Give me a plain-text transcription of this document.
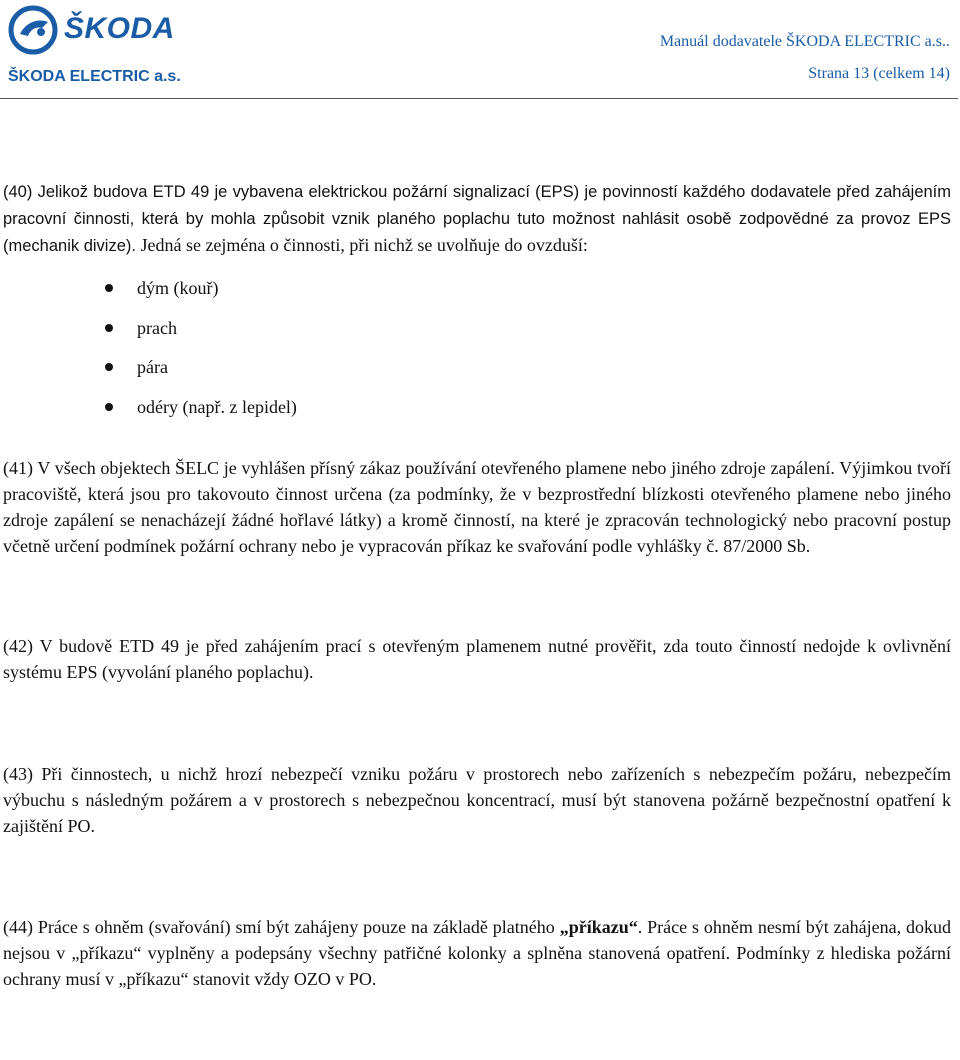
ŠKODA
ŠKODA ELECTRIC a.s.
Manuál dodavatele ŠKODA ELECTRIC a.s..
Strana 13 (celkem 14)

(40) Jelikož budova ETD 49 je vybavena elektrickou požární signalizací (EPS) je povinností každého dodavatele před zahájením pracovní činnosti, která by mohla způsobit vznik planého poplachu tuto možnost nahlásit osobě zodpovědné za provoz EPS (mechanik divize). Jedná se zejména o činnosti, při nichž se uvolňuje do ovzduší:

dým (kouř)
prach
pára
odéry (např. z lepidel)

(41) V všech objektech ŠELC je vyhlášen přísný zákaz používání otevřeného plamene nebo jiného zdroje zapálení. Výjimkou tvoří pracoviště, která jsou pro takovouto činnost určena (za podmínky, že v bezprostřední blízkosti otevřeného plamene nebo jiného zdroje zapálení se nenacházejí žádné hořlavé látky) a kromě činností, na které je zpracován technologický nebo pracovní postup včetně určení podmínek požární ochrany nebo je vypracován příkaz ke svařování podle vyhlášky č. 87/2000 Sb.

(42) V budově ETD 49 je před zahájením prací s otevřeným plamenem nutné prověřit, zda touto činností nedojde k ovlivnění systému EPS (vyvolání planého poplachu).

(43) Při činnostech, u nichž hrozí nebezpečí vzniku požáru v prostorech nebo zařízeních s nebezpečím požáru, nebezpečím výbuchu s následným požárem a v prostorech s nebezpečnou koncentrací, musí být stanovena požárně bezpečnostní opatření k zajištění PO.

(44) Práce s ohněm (svařování) smí být zahájeny pouze na základě platného „příkazu“. Práce s ohněm nesmí být zahájena, dokud nejsou v „příkazu“ vyplněny a podepsány všechny patřičné kolonky a splněna stanovená opatření. Podmínky z hlediska požární ochrany musí v „příkazu“ stanovit vždy OZO v PO.
